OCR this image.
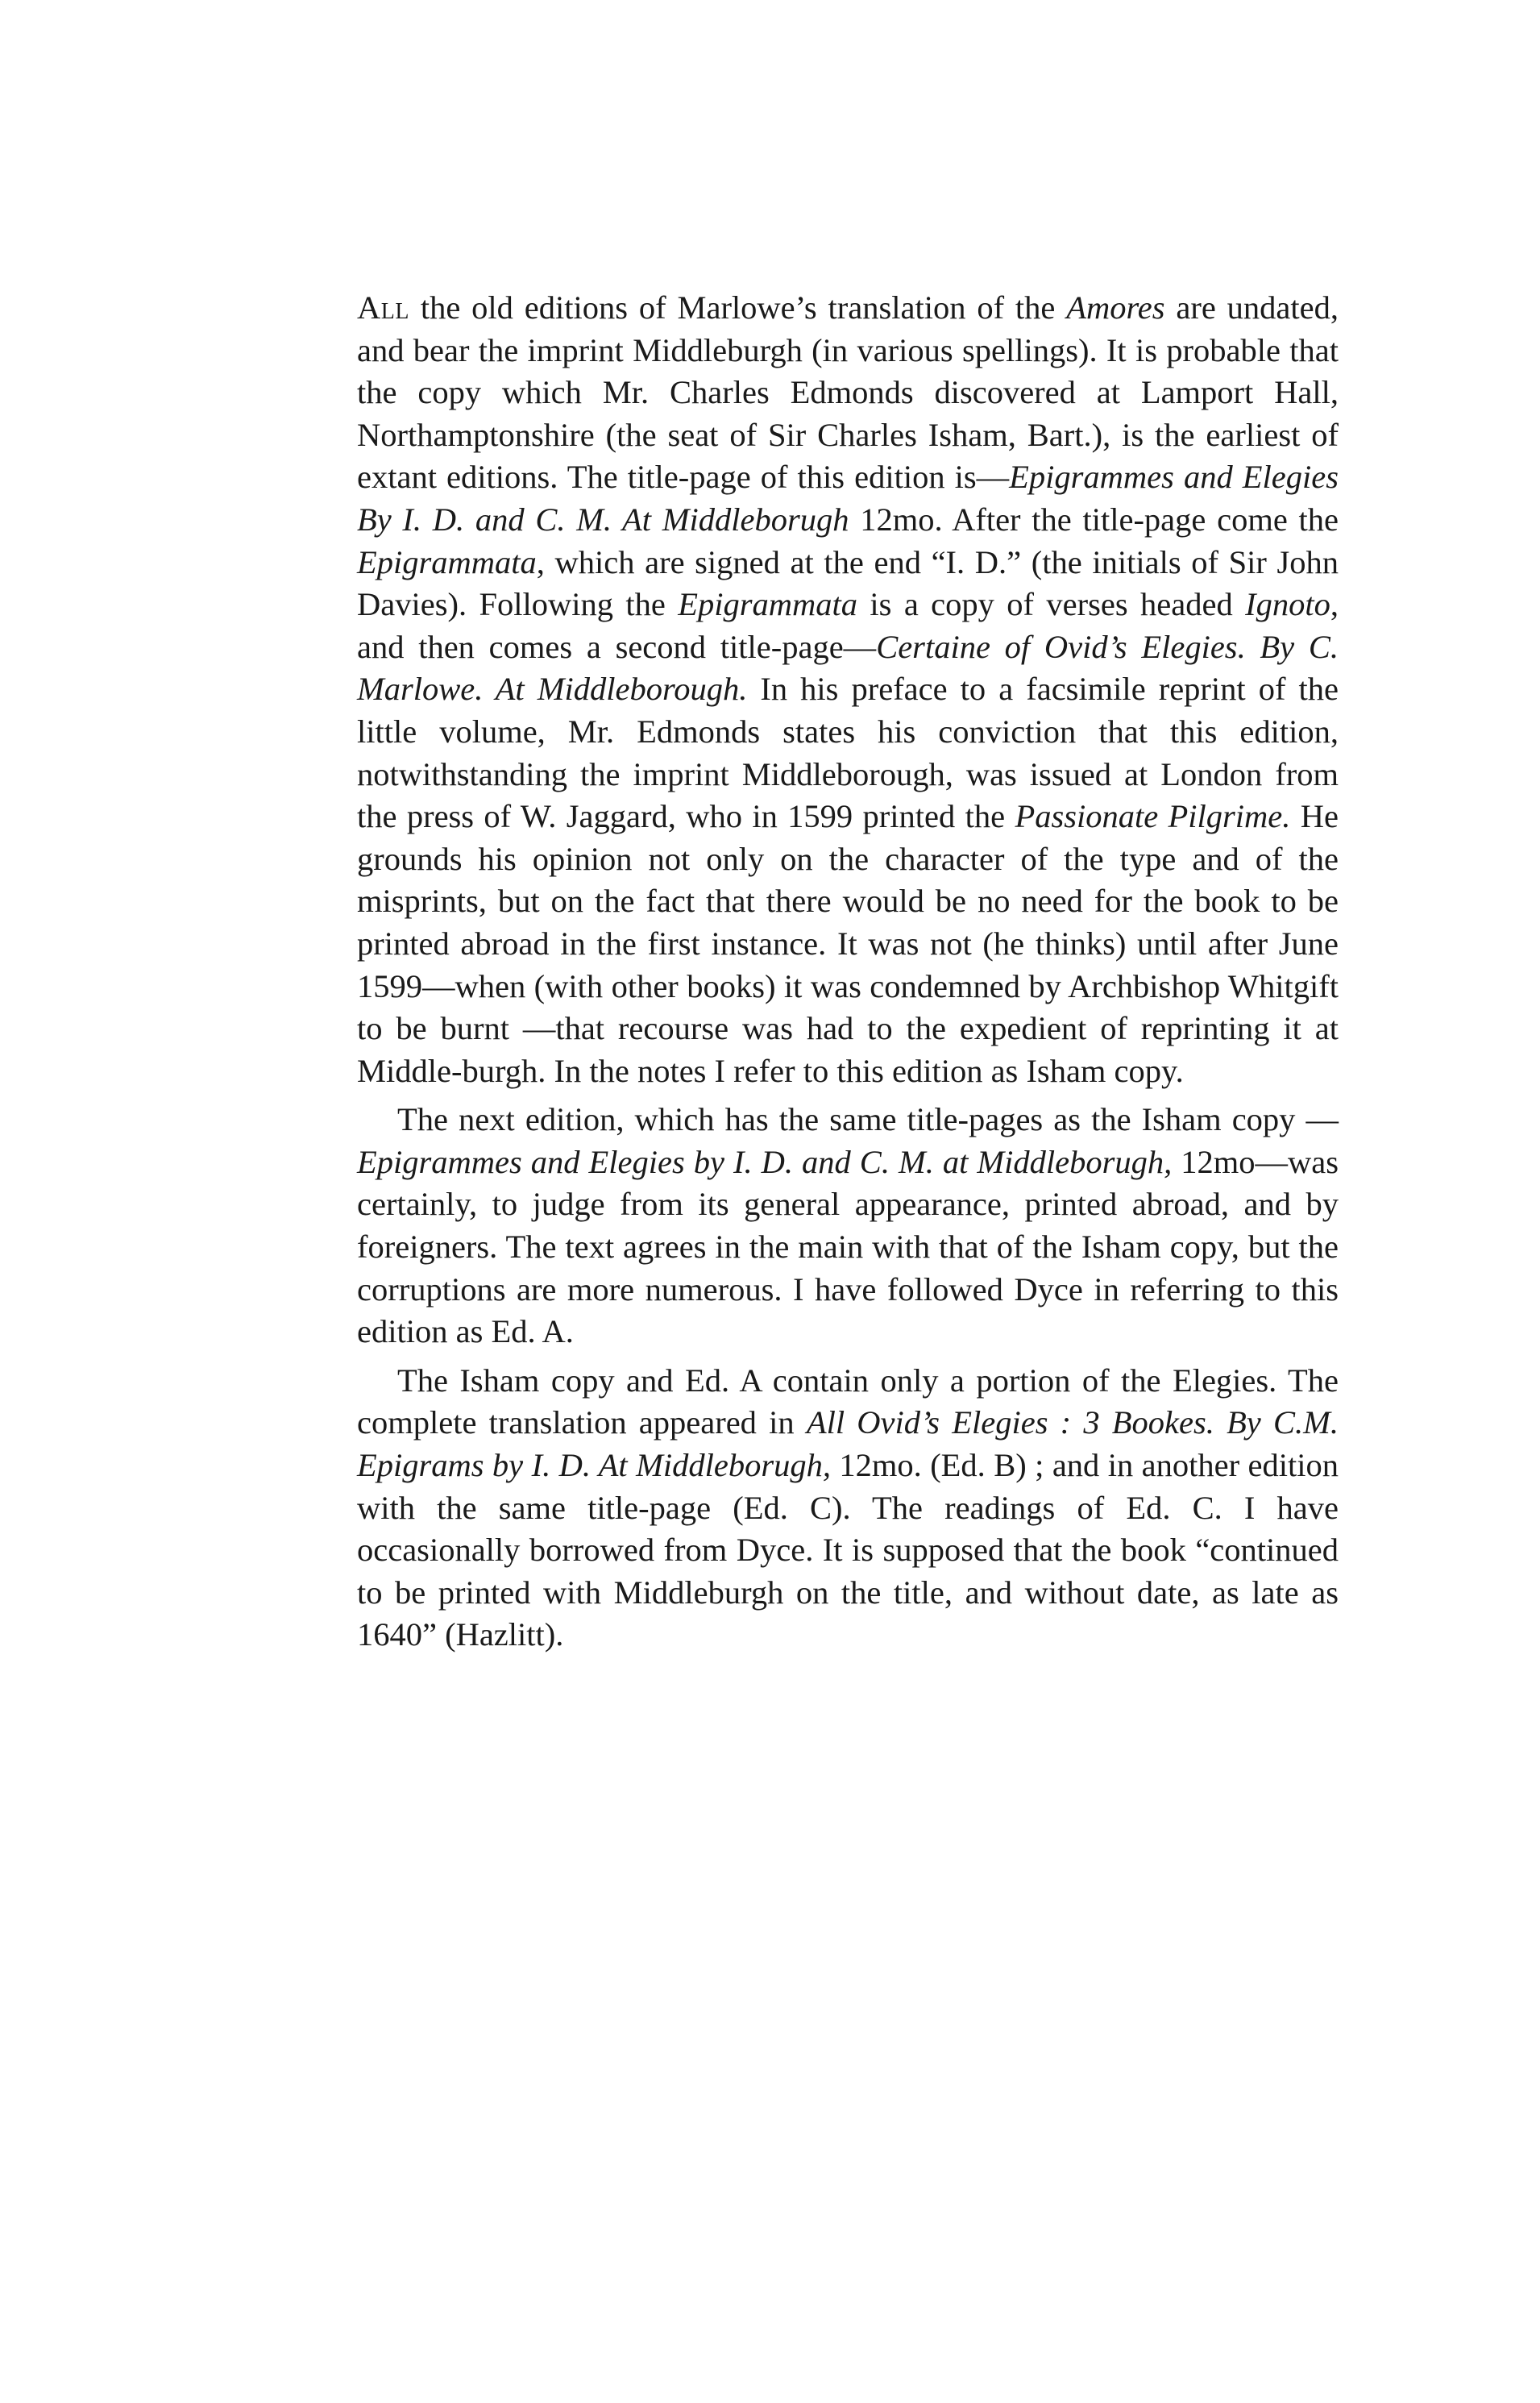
All the old editions of Marlowe’s translation of the Amores are undated, and bear the imprint Middleburgh (in various spellings). It is probable that the copy which Mr. Charles Edmonds discovered at Lamport Hall, Northamptonshire (the seat of Sir Charles Isham, Bart.), is the earliest of extant editions. The title-page of this edition is—Epigrammes and Elegies By I. D. and C. M. At Middleborugh 12mo. After the title-page come the Epigrammata, which are signed at the end “I. D.” (the initials of Sir John Davies). Following the Epigrammata is a copy of verses headed Ignoto, and then comes a second title-page—Certaine of Ovid’s Elegies. By C. Marlowe. At Middleborough. In his preface to a facsimile reprint of the little volume, Mr. Edmonds states his conviction that this edition, notwithstanding the imprint Middleborough, was issued at London from the press of W. Jaggard, who in 1599 printed the Passionate Pilgrime. He grounds his opinion not only on the character of the type and of the misprints, but on the fact that there would be no need for the book to be printed abroad in the first instance. It was not (he thinks) until after June 1599—when (with other books) it was condemned by Archbishop Whitgift to be burnt —that recourse was had to the expedient of reprinting it at Middle-burgh. In the notes I refer to this edition as Isham copy.

The next edition, which has the same title-pages as the Isham copy —Epigrammes and Elegies by I. D. and C. M. at Middleborugh, 12mo—was certainly, to judge from its general appearance, printed abroad, and by foreigners. The text agrees in the main with that of the Isham copy, but the corruptions are more numerous. I have followed Dyce in referring to this edition as Ed. A.

The Isham copy and Ed. A contain only a portion of the Elegies. The complete translation appeared in All Ovid’s Elegies : 3 Bookes. By C.M. Epigrams by I. D. At Middleborugh, 12mo. (Ed. B) ; and in another edition with the same title-page (Ed. C). The readings of Ed. C. I have occasionally borrowed from Dyce. It is supposed that the book “continued to be printed with Middleburgh on the title, and without date, as late as 1640” (Hazlitt).
